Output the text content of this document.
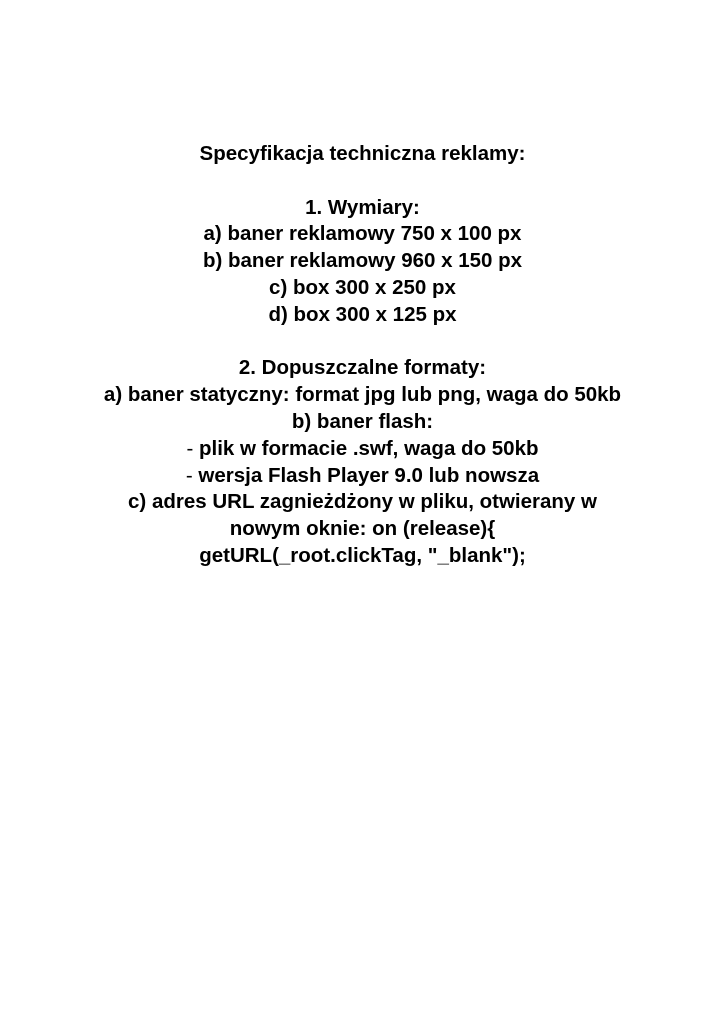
Specyfikacja techniczna reklamy:
1. Wymiary:
a) baner reklamowy 750 x 100 px
b) baner reklamowy 960 x 150 px
c) box 300 x 250 px
d) box 300 x 125 px
2. Dopuszczalne formaty:
a) baner statyczny: format jpg lub png, waga do 50kb
b) baner flash:
- plik w formacie .swf, waga do 50kb
- wersja Flash Player 9.0 lub nowsza
c) adres URL zagnieżdżony w pliku, otwierany w nowym oknie: on (release){
getURL(_root.clickTag, "_blank");
